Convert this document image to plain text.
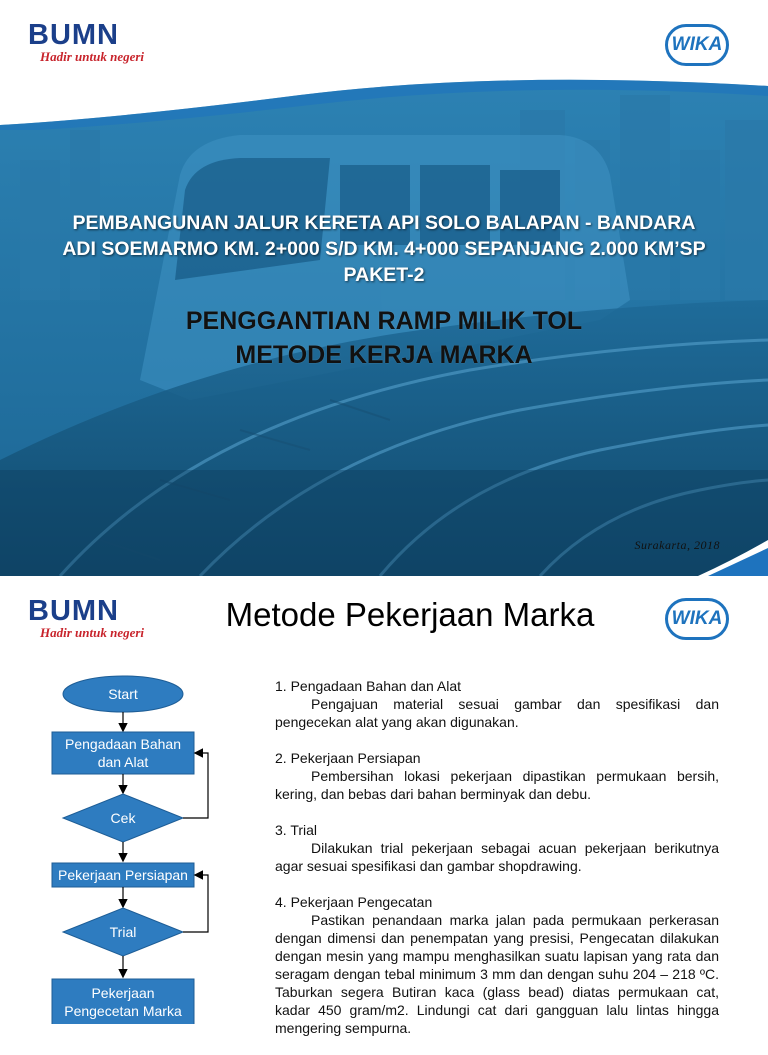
BUMN
Hadir untuk negeri
WIKA
PEMBANGUNAN JALUR KERETA API SOLO BALAPAN - BANDARA
ADI SOEMARMO KM. 2+000 S/D KM. 4+000 SEPANJANG 2.000 KM’SP
PAKET-2
PENGGANTIAN RAMP MILIK TOL
METODE KERJA MARKA
Surakarta, 2018
BUMN
Hadir untuk negeri	Metode Pekerjaan Marka	WIKA
Start
Pengadaan Bahan dan Alat
Cek
Pekerjaan Persiapan
Trial
Pekerjaan Pengecetan Marka
1. Pengadaan Bahan dan Alat
Pengajuan material sesuai gambar dan spesifikasi dan pengecekan alat yang akan digunakan.
2. Pekerjaan Persiapan
Pembersihan lokasi pekerjaan dipastikan permukaan bersih, kering, dan bebas dari bahan berminyak dan debu.
3. Trial
Dilakukan trial pekerjaan sebagai acuan pekerjaan berikutnya agar sesuai spesifikasi dan gambar shopdrawing.
4. Pekerjaan Pengecatan
Pastikan penandaan marka jalan pada permukaan perkerasan dengan dimensi dan penempatan yang presisi, Pengecatan dilakukan dengan mesin yang mampu menghasilkan suatu lapisan yang rata dan seragam dengan tebal minimum 3 mm dan dengan suhu 204 – 218 ºC. Taburkan segera Butiran kaca (glass bead) diatas permukaan cat, kadar 450 gram/m2. Lindungi cat dari gangguan lalu lintas hingga mengering sempurna.
